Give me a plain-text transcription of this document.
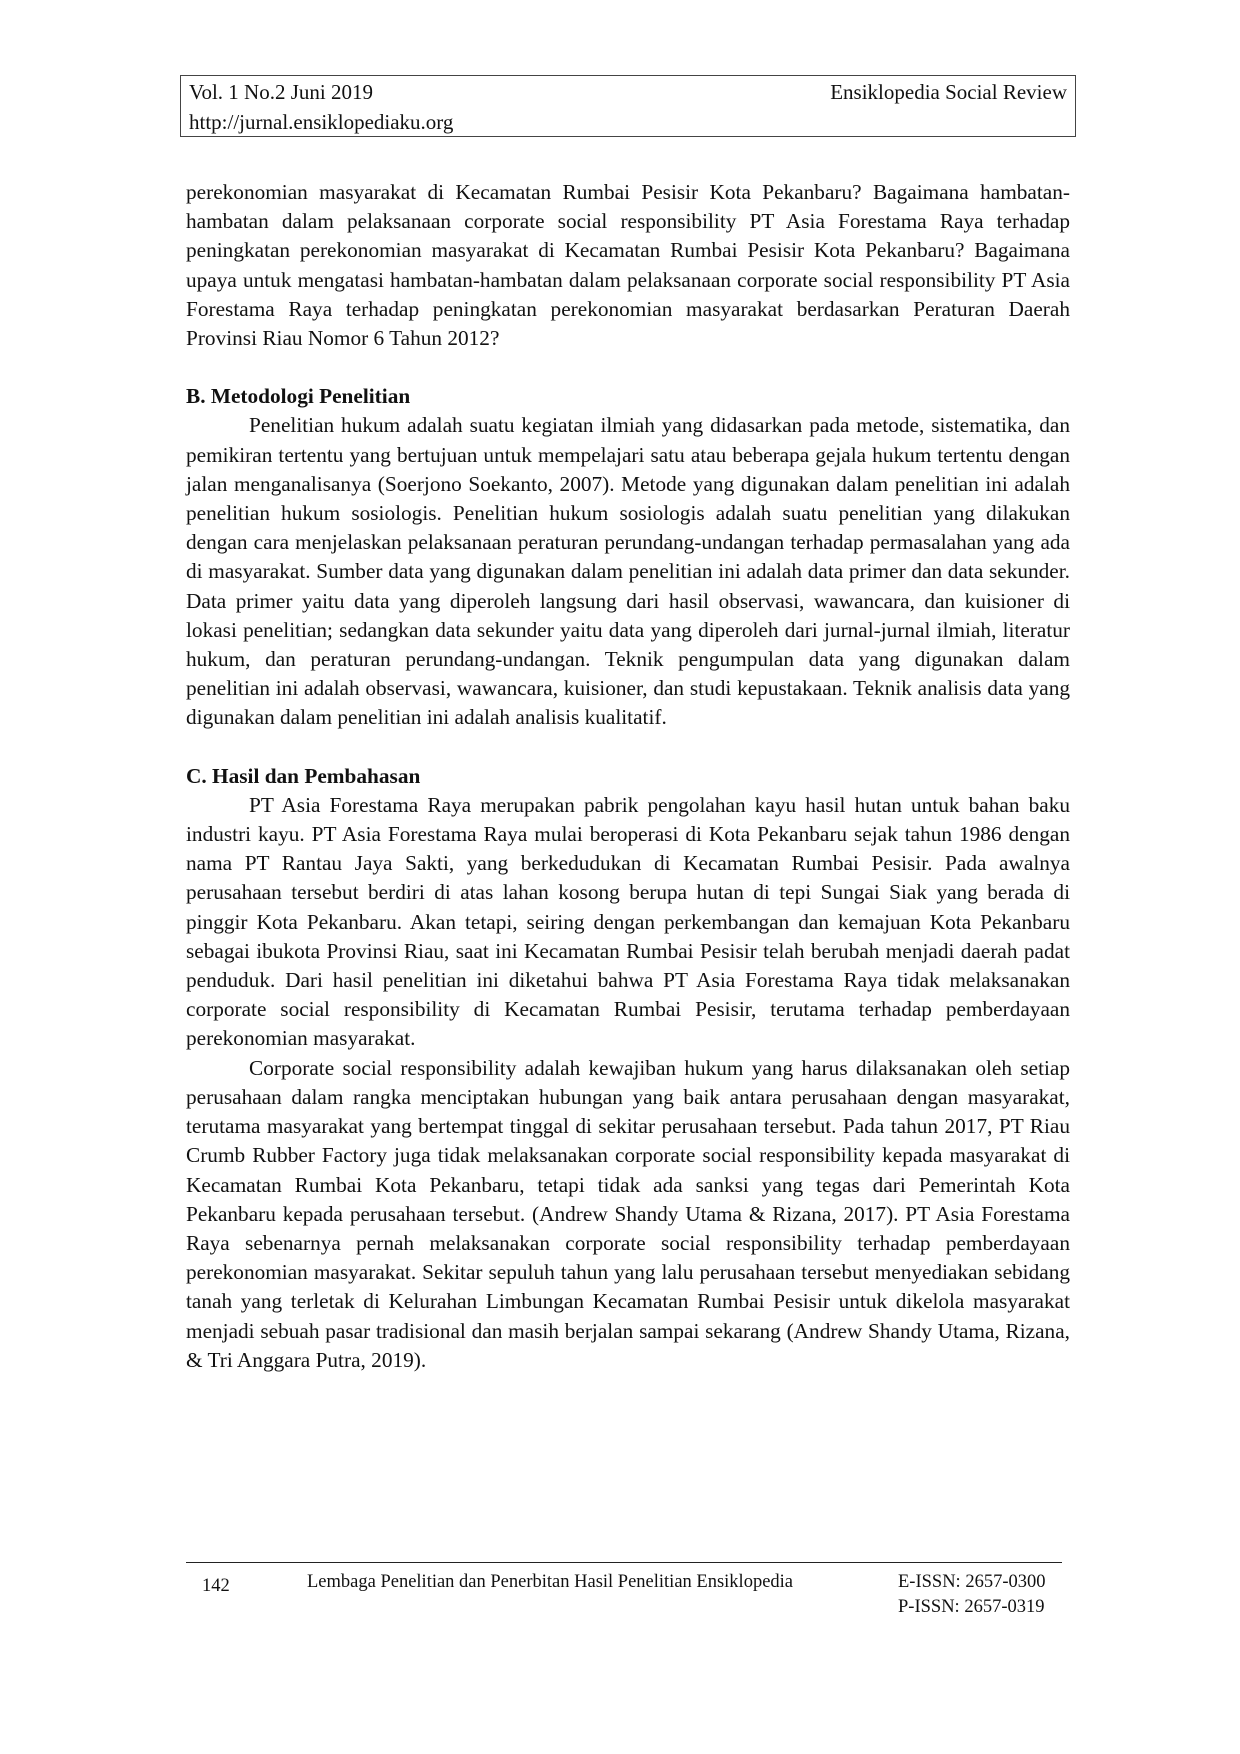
Vol. 1 No.2 Juni 2019	Ensiklopedia Social Review
http://jurnal.ensiklopediaku.org

perekonomian masyarakat di Kecamatan Rumbai Pesisir Kota Pekanbaru? Bagaimana hambatan-hambatan dalam pelaksanaan corporate social responsibility PT Asia Forestama Raya terhadap peningkatan perekonomian masyarakat di Kecamatan Rumbai Pesisir Kota Pekanbaru? Bagaimana upaya untuk mengatasi hambatan-hambatan dalam pelaksanaan corporate social responsibility PT Asia Forestama Raya terhadap peningkatan perekonomian masyarakat berdasarkan Peraturan Daerah Provinsi Riau Nomor 6 Tahun 2012?

B. Metodologi Penelitian

Penelitian hukum adalah suatu kegiatan ilmiah yang didasarkan pada metode, sistematika, dan pemikiran tertentu yang bertujuan untuk mempelajari satu atau beberapa gejala hukum tertentu dengan jalan menganalisanya (Soerjono Soekanto, 2007). Metode yang digunakan dalam penelitian ini adalah penelitian hukum sosiologis. Penelitian hukum sosiologis adalah suatu penelitian yang dilakukan dengan cara menjelaskan pelaksanaan peraturan perundang-undangan terhadap permasalahan yang ada di masyarakat. Sumber data yang digunakan dalam penelitian ini adalah data primer dan data sekunder. Data primer yaitu data yang diperoleh langsung dari hasil observasi, wawancara, dan kuisioner di lokasi penelitian; sedangkan data sekunder yaitu data yang diperoleh dari jurnal-jurnal ilmiah, literatur hukum, dan peraturan perundang-undangan. Teknik pengumpulan data yang digunakan dalam penelitian ini adalah observasi, wawancara, kuisioner, dan studi kepustakaan. Teknik analisis data yang digunakan dalam penelitian ini adalah analisis kualitatif.

C. Hasil dan Pembahasan

PT Asia Forestama Raya merupakan pabrik pengolahan kayu hasil hutan untuk bahan baku industri kayu. PT Asia Forestama Raya mulai beroperasi di Kota Pekanbaru sejak tahun 1986 dengan nama PT Rantau Jaya Sakti, yang berkedudukan di Kecamatan Rumbai Pesisir. Pada awalnya perusahaan tersebut berdiri di atas lahan kosong berupa hutan di tepi Sungai Siak yang berada di pinggir Kota Pekanbaru. Akan tetapi, seiring dengan perkembangan dan kemajuan Kota Pekanbaru sebagai ibukota Provinsi Riau, saat ini Kecamatan Rumbai Pesisir telah berubah menjadi daerah padat penduduk. Dari hasil penelitian ini diketahui bahwa PT Asia Forestama Raya tidak melaksanakan corporate social responsibility di Kecamatan Rumbai Pesisir, terutama terhadap pemberdayaan perekonomian masyarakat.

Corporate social responsibility adalah kewajiban hukum yang harus dilaksanakan oleh setiap perusahaan dalam rangka menciptakan hubungan yang baik antara perusahaan dengan masyarakat, terutama masyarakat yang bertempat tinggal di sekitar perusahaan tersebut. Pada tahun 2017, PT Riau Crumb Rubber Factory juga tidak melaksanakan corporate social responsibility kepada masyarakat di Kecamatan Rumbai Kota Pekanbaru, tetapi tidak ada sanksi yang tegas dari Pemerintah Kota Pekanbaru kepada perusahaan tersebut. (Andrew Shandy Utama & Rizana, 2017). PT Asia Forestama Raya sebenarnya pernah melaksanakan corporate social responsibility terhadap pemberdayaan perekonomian masyarakat. Sekitar sepuluh tahun yang lalu perusahaan tersebut menyediakan sebidang tanah yang terletak di Kelurahan Limbungan Kecamatan Rumbai Pesisir untuk dikelola masyarakat menjadi sebuah pasar tradisional dan masih berjalan sampai sekarang (Andrew Shandy Utama, Rizana, & Tri Anggara Putra, 2019).

142	Lembaga Penelitian dan Penerbitan Hasil Penelitian Ensiklopedia	E-ISSN: 2657-0300
P-ISSN: 2657-0319
